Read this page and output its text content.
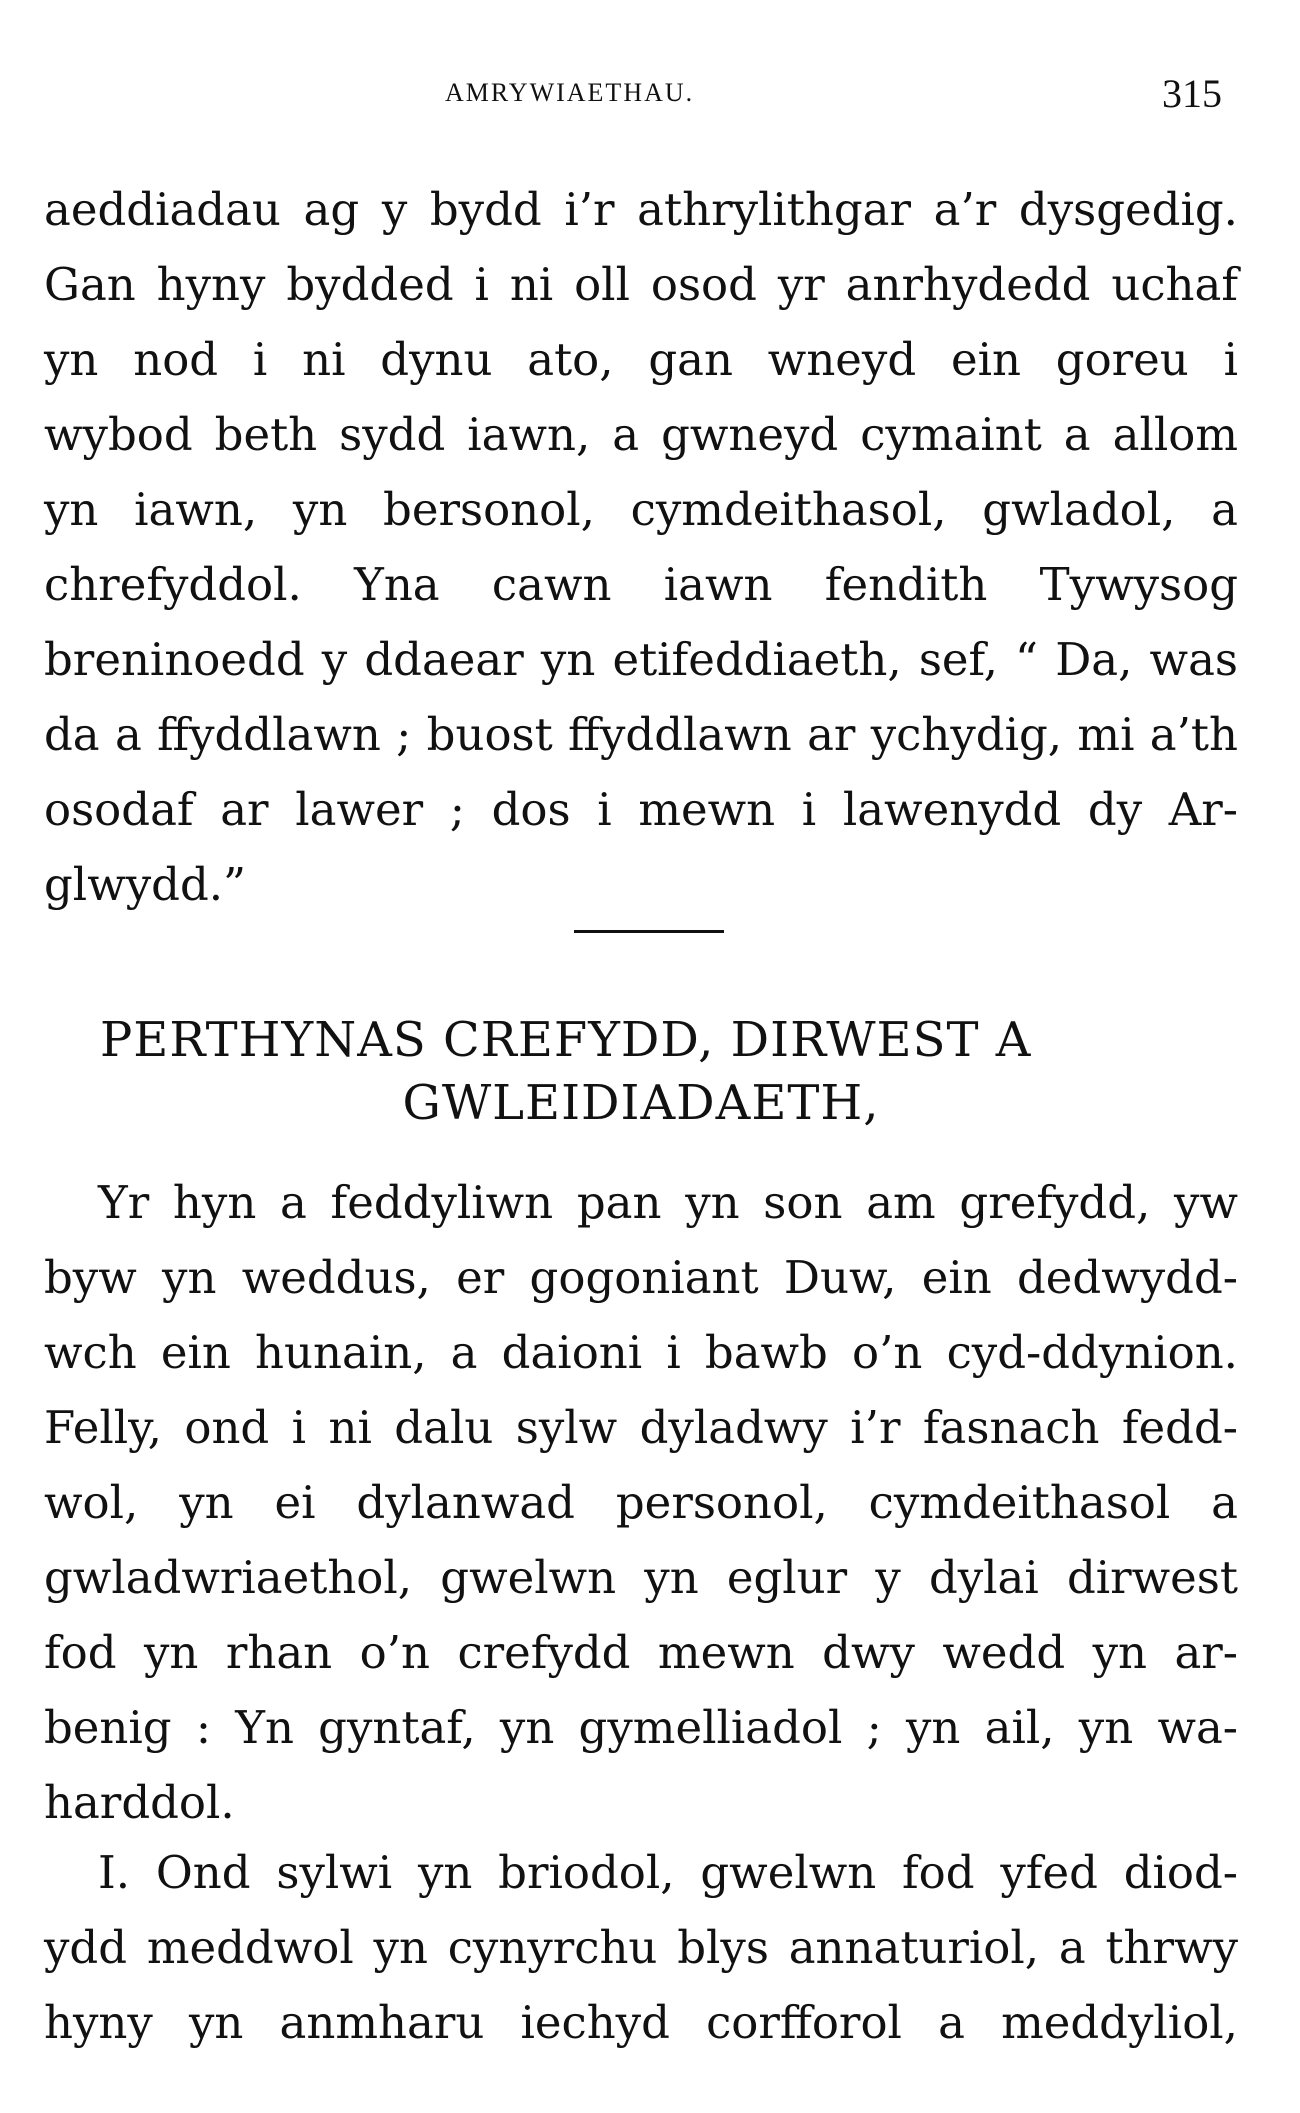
AMRYWIAETHAU.	315
aeddiadau ag y bydd i’r athrylithgar a’r dysgedig.
Gan hyny bydded i ni oll osod yr anrhydedd uchaf
yn nod i ni dynu ato, gan wneyd ein goreu i
wybod beth sydd iawn, a gwneyd cymaint a allom
yn iawn, yn bersonol, cymdeithasol, gwladol, a
chrefyddol. Yna cawn iawn fendith Tywysog
breninoedd y ddaear yn etifeddiaeth, sef, “ Da, was
da a ffyddlawn ; buost ffyddlawn ar ychydig, mi a’th
osodaf ar lawer ; dos i mewn i lawenydd dy Ar-
glwydd.”
PERTHYNAS CREFYDD, DIRWEST A
GWLEIDIADAETH,
Yr hyn a feddyliwn pan yn son am grefydd, yw
byw yn weddus, er gogoniant Duw, ein dedwydd-
wch ein hunain, a daioni i bawb o’n cyd-ddynion.
Felly, ond i ni dalu sylw dyladwy i’r fasnach fedd-
wol, yn ei dylanwad personol, cymdeithasol a
gwladwriaethol, gwelwn yn eglur y dylai dirwest
fod yn rhan o’n crefydd mewn dwy wedd yn ar-
benig : Yn gyntaf, yn gymelliadol ; yn ail, yn wa-
harddol.
I. Ond sylwi yn briodol, gwelwn fod yfed diod-
ydd meddwol yn cynyrchu blys annaturiol, a thrwy
hyny yn anmharu iechyd corfforol a meddyliol,
